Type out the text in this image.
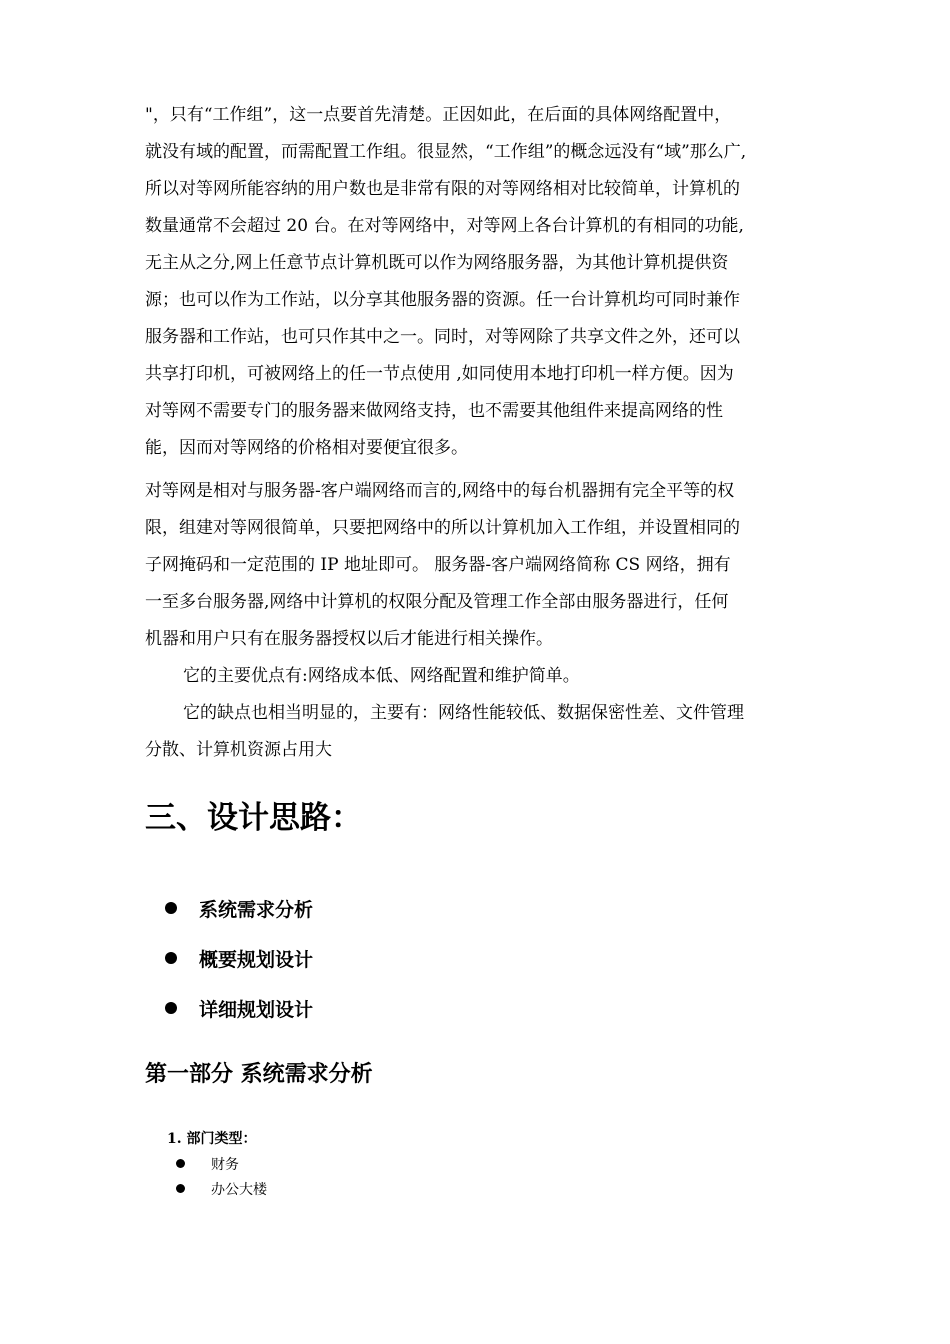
"，只有“工作组”，这一点要首先清楚。正因如此，在后面的具体网络配置中，
就没有域的配置，而需配置工作组。很显然，“工作组”的概念远没有“域”那么广,
所以对等网所能容纳的用户数也是非常有限的对等网络相对比较简单，计算机的
数量通常不会超过 20 台。在对等网络中，对等网上各台计算机的有相同的功能,
无主从之分,网上任意节点计算机既可以作为网络服务器，为其他计算机提供资
源；也可以作为工作站，以分享其他服务器的资源。任一台计算机均可同时兼作
服务器和工作站，也可只作其中之一。同时，对等网除了共享文件之外，还可以
共享打印机，可被网络上的任一节点使用 ,如同使用本地打印机一样方便。因为
对等网不需要专门的服务器来做网络支持，也不需要其他组件来提高网络的性
能，因而对等网络的价格相对要便宜很多。
对等网是相对与服务器-客户端网络而言的,网络中的每台机器拥有完全平等的权
限，组建对等网很简单，只要把网络中的所以计算机加入工作组，并设置相同的
子网掩码和一定范围的 IP 地址即可。 服务器-客户端网络简称 CS 网络，拥有
一至多台服务器,网络中计算机的权限分配及管理工作全部由服务器进行，任何
机器和用户只有在服务器授权以后才能进行相关操作。
它的主要优点有:网络成本低、网络配置和维护简单。
它的缺点也相当明显的，主要有：网络性能较低、数据保密性差、文件管理
分散、计算机资源占用大
三、设计思路：
系统需求分析
概要规划设计
详细规划设计
第一部分 系统需求分析
1. 部门类型：
财务
办公大楼
